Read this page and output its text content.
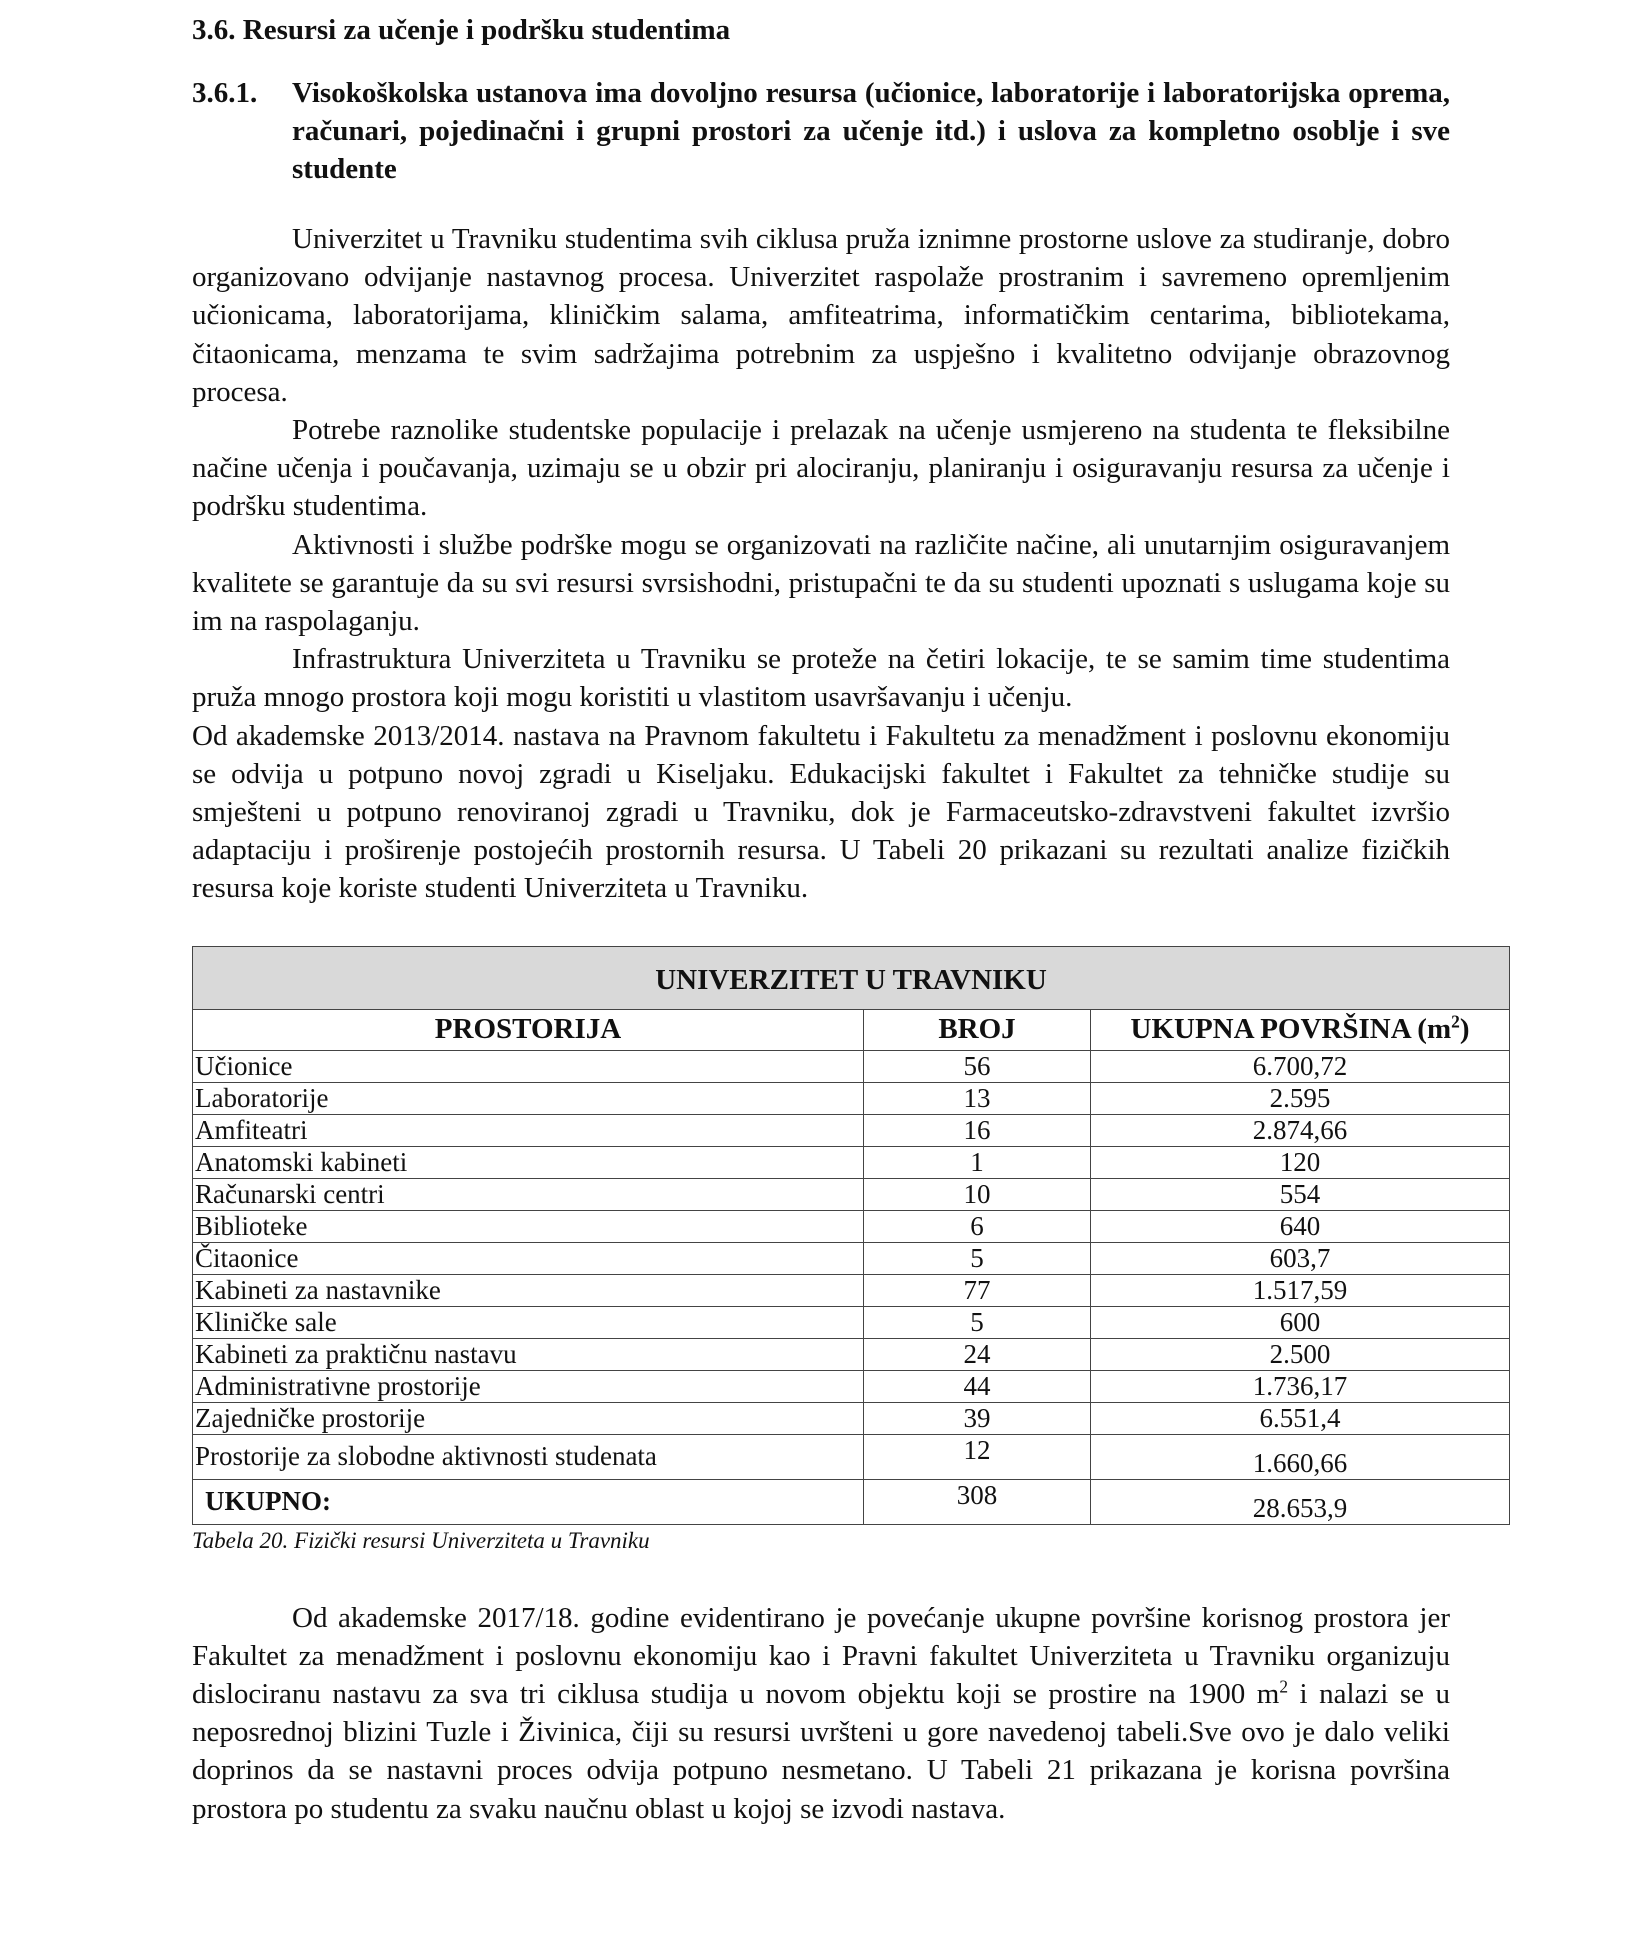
3.6. Resursi za učenje i podršku studentima
3.6.1.	Visokoškolska ustanova ima dovoljno resursa (učionice, laboratorije i laboratorijska oprema, računari, pojedinačni i grupni prostori za učenje itd.) i uslova za kompletno osoblje i sve studente

Univerzitet u Travniku studentima svih ciklusa pruža iznimne prostorne uslove za studiranje, dobro organizovano odvijanje nastavnog procesa. Univerzitet raspolaže prostranim i savremeno opremljenim učionicama, laboratorijama, kliničkim salama, amfiteatrima, informatičkim centarima, bibliotekama, čitaonicama, menzama te svim sadržajima potrebnim za uspješno i kvalitetno odvijanje obrazovnog procesa.

Potrebe raznolike studentske populacije i prelazak na učenje usmjereno na studenta te fleksibilne načine učenja i poučavanja, uzimaju se u obzir pri alociranju, planiranju i osiguravanju resursa za učenje i podršku studentima.

Aktivnosti i službe podrške mogu se organizovati na različite načine, ali unutarnjim osiguravanjem kvalitete se garantuje da su svi resursi svrsishodni, pristupačni te da su studenti upoznati s uslugama koje su im na raspolaganju.

Infrastruktura Univerziteta u Travniku se proteže na četiri lokacije, te se samim time studentima pruža mnogo prostora koji mogu koristiti u vlastitom usavršavanju i učenju.

Od akademske 2013/2014. nastava na Pravnom fakultetu i Fakultetu za menadžment i poslovnu ekonomiju se odvija u potpuno novoj zgradi u Kiseljaku. Edukacijski fakultet i Fakultet za tehničke studije su smješteni u potpuno renoviranoj zgradi u Travniku, dok je Farmaceutsko-zdravstveni fakultet izvršio adaptaciju i proširenje postojećih prostornih resursa. U Tabeli 20 prikazani su rezultati analize fizičkih resursa koje koriste studenti Univerziteta u Travniku.

UNIVERZITET U TRAVNIKU		
PROSTORIJA	BROJ	UKUPNA POVRŠINA $(m^2)$
Učionice	56	6.700,72
Laboratorije	13	2.595
Amfiteatri	16	2.874,66
Anatomski kabineti	1	120
Računarski centri	10	554
Biblioteke	6	640
Čitaonice	5	603,7
Kabineti za nastavnike	77	1.517,59
Kliničke sale	5	600
Kabineti za praktičnu nastavu	24	2.500
Administrativne prostorije	44	1.736,17
Zajedničke prostorije	39	6.551,4
Prostorije za slobodne aktivnosti studenata	12	1.660,66
UKUPNO:	308	28.653,9
Tabela 20. Fizički resursi Univerziteta u Travniku

Od akademske 2017/18. godine evidentirano je povećanje ukupne površine korisnog prostora jer Fakultet za menadžment i poslovnu ekonomiju kao i Pravni fakultet Univerziteta u Travniku organizuju dislociranu nastavu za sva tri ciklusa studija u novom objektu koji se prostire na 1900 $m^2$ i nalazi se u neposrednoj blizini Tuzle i Živinica, čiji su resursi uvršteni u gore navedenoj tabeli.Sve ovo je dalo veliki doprinos da se nastavni proces odvija potpuno nesmetano. U Tabeli 21 prikazana je korisna površina prostora po studentu za svaku naučnu oblast u kojoj se izvodi nastava.
